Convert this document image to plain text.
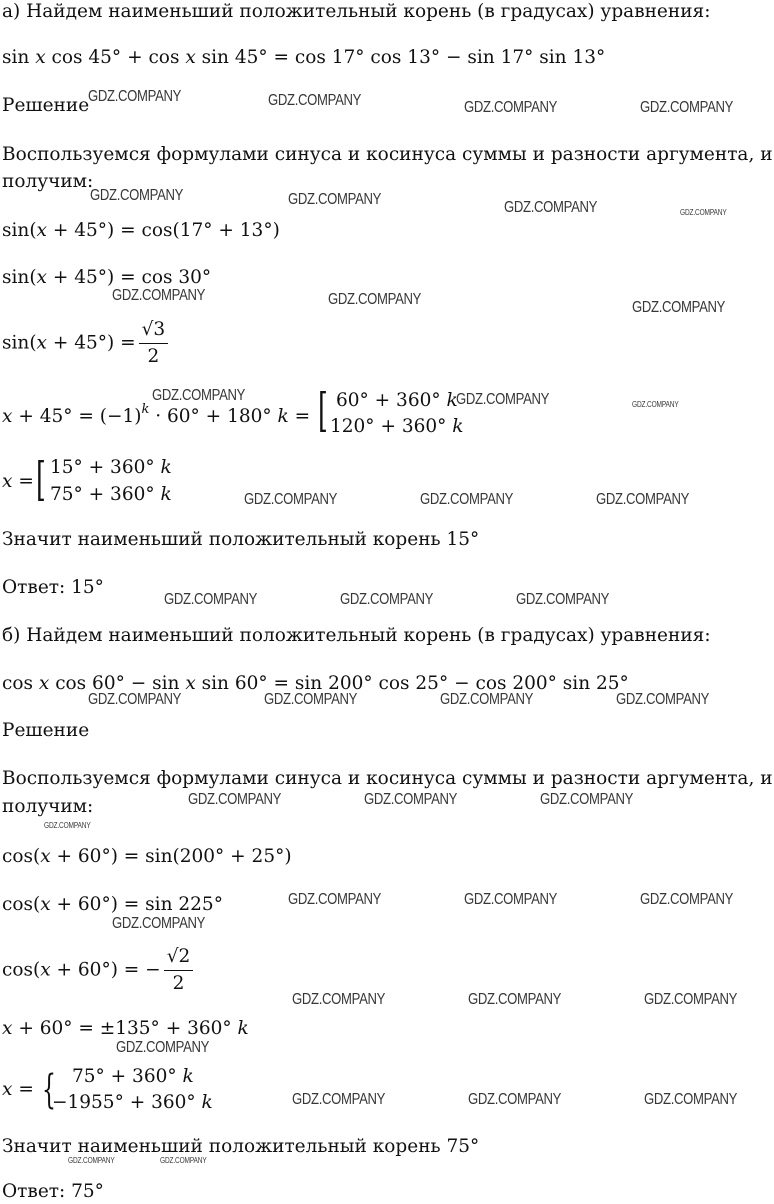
а) Найдем наименьший положительный корень (в градусах) уравнения:
sin 𝑥 cos 45° + cos 𝑥 sin 45° = cos 17° cos 13° − sin 17° sin 13°
Решение
Воспользуемся формулами синуса и косинуса суммы и разности аргумента, и
получим:
sin(𝑥 + 45°) = cos(17° + 13°)
sin(𝑥 + 45°) = cos 30°
sin(𝑥 + $45^\circ) = \frac{√3}{2}$
𝑥 + $45^\circ = (-1)^𝑘 \cdot 60^\circ + 180^\circ$ 𝑘 = [ 60° + 360° 𝑘
120° + 360° 𝑘
𝑥 = [ 15° + 360° 𝑘
75° + 360° 𝑘
Значит наименьший положительный корень 15°
Ответ: 15°
б) Найдем наименьший положительный корень (в градусах) уравнения:
cos 𝑥 cos 60° − sin 𝑥 sin 60° = sin 200° cos 25° − cos 200° sin 25°
Решение
Воспользуемся формулами синуса и косинуса суммы и разности аргумента, и
получим:
cos(𝑥 + 60°) = sin(200° + 25°)
cos(𝑥 + 60°) = sin 225°
cos(𝑥 + 60°) = − $\frac{√2}{2}$
𝑥 + 60° = ±135° + 360° 𝑘
𝑥 = { 75° + 360° 𝑘
−1955° + 360° 𝑘
Значит наименьший положительный корень 75°
Ответ: 75°
GDZ.COMPANY	GDZ.COMPANY	GDZ.COMPANY	GDZ.COMPANY
GDZ.COMPANY	GDZ.COMPANY	GDZ.COMPANY	GDZ.COMPANY
GDZ.COMPANY	GDZ.COMPANY	GDZ.COMPANY
GDZ.COMPANY	GDZ.COMPANY	GDZ.COMPANY
GDZ.COMPANY	GDZ.COMPANY	GDZ.COMPANY
GDZ.COMPANY	GDZ.COMPANY	GDZ.COMPANY
GDZ.COMPANY	GDZ.COMPANY	GDZ.COMPANY	GDZ.COMPANY
GDZ.COMPANY	GDZ.COMPANY	GDZ.COMPANY
GDZ.COMPANY
GDZ.COMPANY	GDZ.COMPANY	GDZ.COMPANY
GDZ.COMPANY
GDZ.COMPANY	GDZ.COMPANY	GDZ.COMPANY
GDZ.COMPANY
GDZ.COMPANY	GDZ.COMPANY	GDZ.COMPANY
GDZ.COMPANY	GDZ.COMPANY
